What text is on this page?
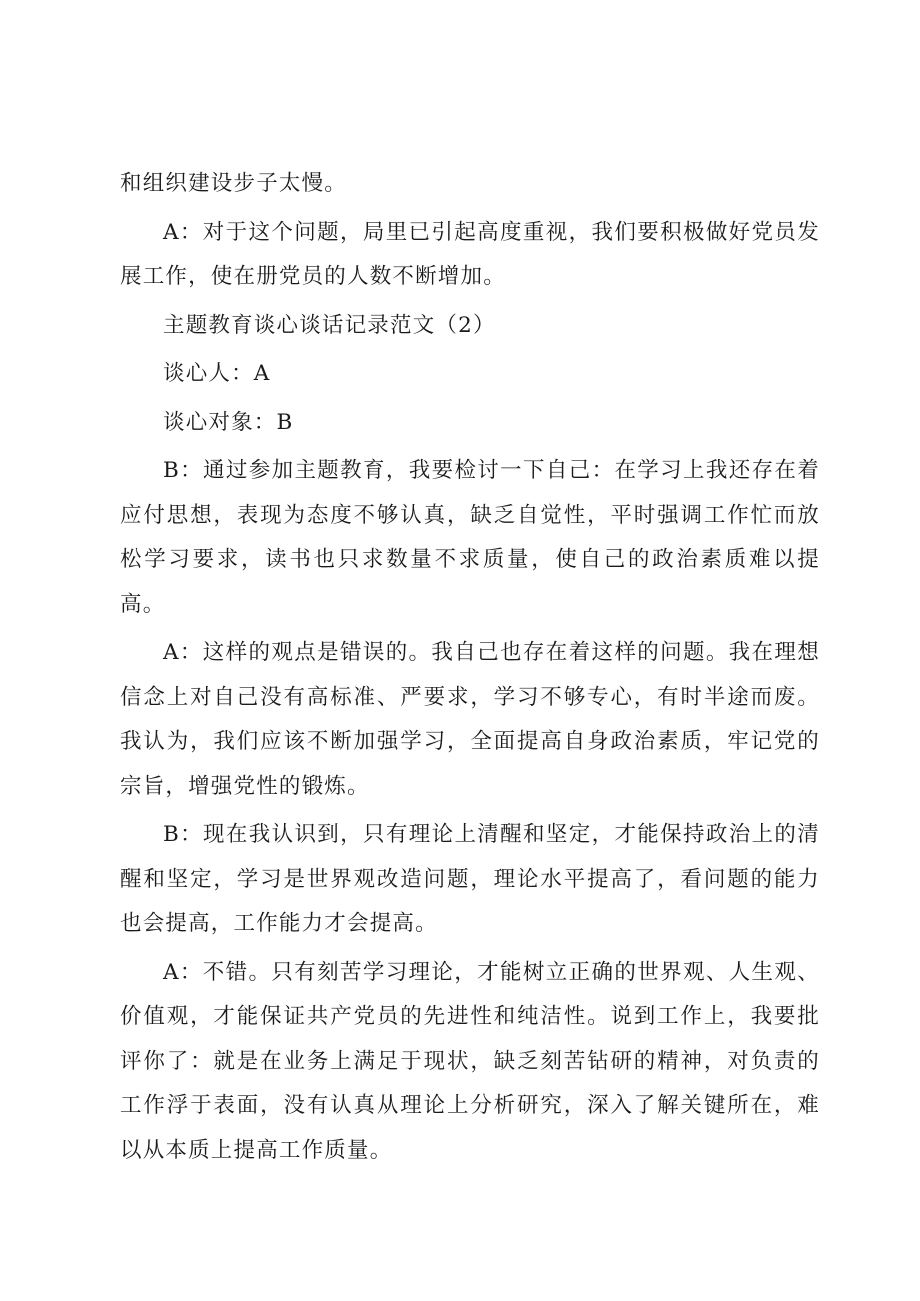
和组织建设步子太慢。

A：对于这个问题，局里已引起高度重视，我们要积极做好党员发展工作，使在册党员的人数不断增加。

主题教育谈心谈话记录范文（2）

谈心人：A

谈心对象：B

B：通过参加主题教育，我要检讨一下自己：在学习上我还存在着应付思想，表现为态度不够认真，缺乏自觉性，平时强调工作忙而放松学习要求，读书也只求数量不求质量，使自己的政治素质难以提高。

A：这样的观点是错误的。我自己也存在着这样的问题。我在理想信念上对自己没有高标准、严要求，学习不够专心，有时半途而废。我认为，我们应该不断加强学习，全面提高自身政治素质，牢记党的宗旨，增强党性的锻炼。

B：现在我认识到，只有理论上清醒和坚定，才能保持政治上的清醒和坚定，学习是世界观改造问题，理论水平提高了，看问题的能力也会提高，工作能力才会提高。

A：不错。只有刻苦学习理论，才能树立正确的世界观、人生观、价值观，才能保证共产党员的先进性和纯洁性。说到工作上，我要批评你了：就是在业务上满足于现状，缺乏刻苦钻研的精神，对负责的工作浮于表面，没有认真从理论上分析研究，深入了解关键所在，难以从本质上提高工作质量。
